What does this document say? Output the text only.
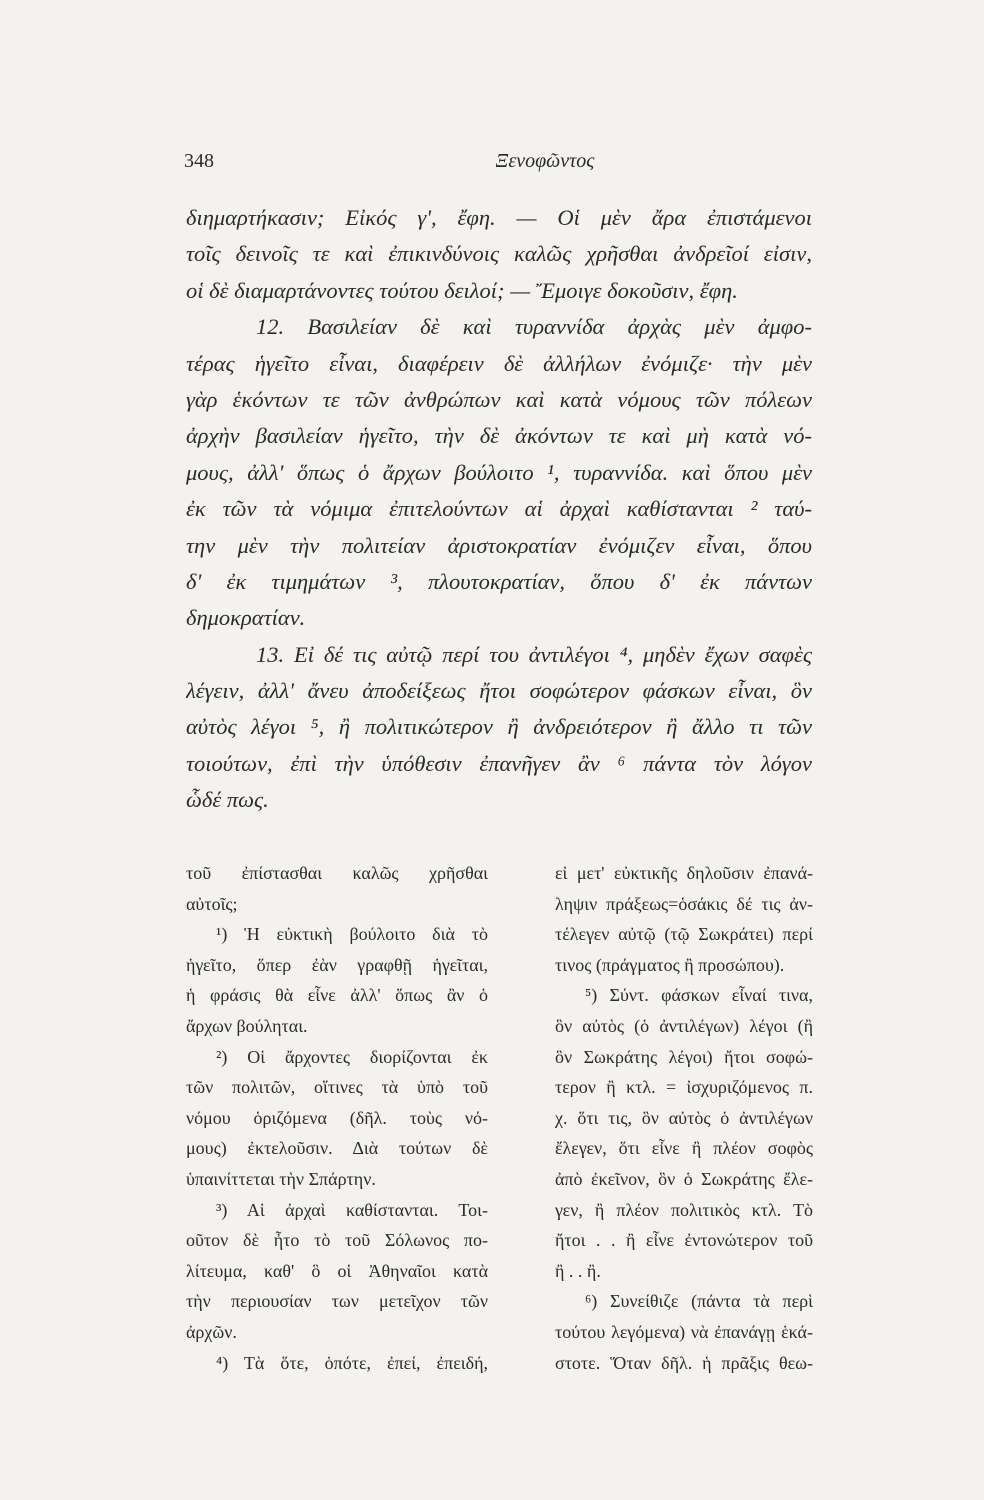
348	Ξενοφῶντος
διημαρτήκασιν; Εἰκός γ', ἔφη. — Οἱ μὲν ἄρα ἐπιστάμενοι
τοῖς δεινοῖς τε καὶ ἐπικινδύνοις καλῶς χρῆσθαι ἀνδρεῖοί εἰσιν,
οἱ δὲ διαμαρτάνοντες τούτου δειλοί; — Ἔμοιγε δοκοῦσιν, ἔφη.
12. Βασιλείαν δὲ καὶ τυραννίδα ἀρχὰς μὲν ἀμφο-
τέρας ἡγεῖτο εἶναι, διαφέρειν δὲ ἀλλήλων ἐνόμιζε· τὴν μὲν
γὰρ ἑκόντων τε τῶν ἀνθρώπων καὶ κατὰ νόμους τῶν πόλεων
ἀρχὴν βασιλείαν ἡγεῖτο, τὴν δὲ ἀκόντων τε καὶ μὴ κατὰ νό-
μους, ἀλλ' ὅπως ὁ ἄρχων βούλοιτο ¹, τυραννίδα. καὶ ὅπου μὲν
ἐκ τῶν τὰ νόμιμα ἐπιτελούντων αἱ ἀρχαὶ καθίστανται ² ταύ-
την μὲν τὴν πολιτείαν ἀριστοκρατίαν ἐνόμιζεν εἶναι, ὅπου
δ' ἐκ τιμημάτων ³, πλουτοκρατίαν, ὅπου δ' ἐκ πάντων
δημοκρατίαν.
13. Εἰ δέ τις αὐτῷ περί του ἀντιλέγοι ⁴, μηδὲν ἔχων σαφὲς
λέγειν, ἀλλ' ἄνευ ἀποδείξεως ἤτοι σοφώτερον φάσκων εἶναι, ὃν
αὐτὸς λέγοι ⁵, ἢ πολιτικώτερον ἢ ἀνδρειότερον ἢ ἄλλο τι τῶν
τοιούτων, ἐπὶ τὴν ὑπόθεσιν ἐπανῆγεν ἂν ⁶ πάντα τὸν λόγον
ὧδέ πως.
τοῦ ἐπίστασθαι καλῶς χρῆσθαι
αὐτοῖς;
¹) Ἡ εὐκτικὴ βούλοιτο διὰ τὸ
ἡγεῖτο, ὅπερ ἐὰν γραφθῇ ἡγεῖται,
ἡ φράσις θὰ εἶνε ἀλλ' ὅπως ἂν ὁ
ἄρχων βούληται.
²) Οἱ ἄρχοντες διορίζονται ἐκ
τῶν πολιτῶν, οἵτινες τὰ ὑπὸ τοῦ
νόμου ὁριζόμενα (δῆλ. τοὺς νό-
μους) ἐκτελοῦσιν. Διὰ τούτων δὲ
ὑπαινίττεται τὴν Σπάρτην.
³) Αἱ ἀρχαὶ καθίστανται. Τοι-
οῦτον δὲ ἦτο τὸ τοῦ Σόλωνος πο-
λίτευμα, καθ' ὃ οἱ Ἀθηναῖοι κατὰ
τὴν περιουσίαν των μετεῖχον τῶν
ἀρχῶν.
⁴) Τὰ ὅτε, ὁπότε, ἐπεί, ἐπειδή,
εἰ μετ' εὐκτικῆς δηλοῦσιν ἐπανά-
ληψιν πράξεως=ὁσάκις δέ τις ἀν-
τέλεγεν αὐτῷ (τῷ Σωκράτει) περί
τινος (πράγματος ἢ προσώπου).
⁵) Σύντ. φάσκων εἶναί τινα,
ὃν αὐτὸς (ὁ ἀντιλέγων) λέγοι (ἢ
ὃν Σωκράτης λέγοι) ἤτοι σοφώ-
τερον ἢ κτλ. = ἰσχυριζόμενος π.
χ. ὅτι τις, ὃν αὐτὸς ὁ ἀντιλέγων
ἔλεγεν, ὅτι εἶνε ἢ πλέον σοφὸς
ἀπὸ ἐκεῖνον, ὃν ὁ Σωκράτης ἔλε-
γεν, ἢ πλέον πολιτικὸς κτλ. Τὸ
ἤτοι . . ἢ εἶνε ἐντονώτερον τοῦ
ἢ . . ἢ.
⁶) Συνείθιζε (πάντα τὰ περὶ
τούτου λεγόμενα) νὰ ἐπανάγῃ ἑκά-
στοτε. Ὅταν δῆλ. ἡ πρᾶξις θεω-
